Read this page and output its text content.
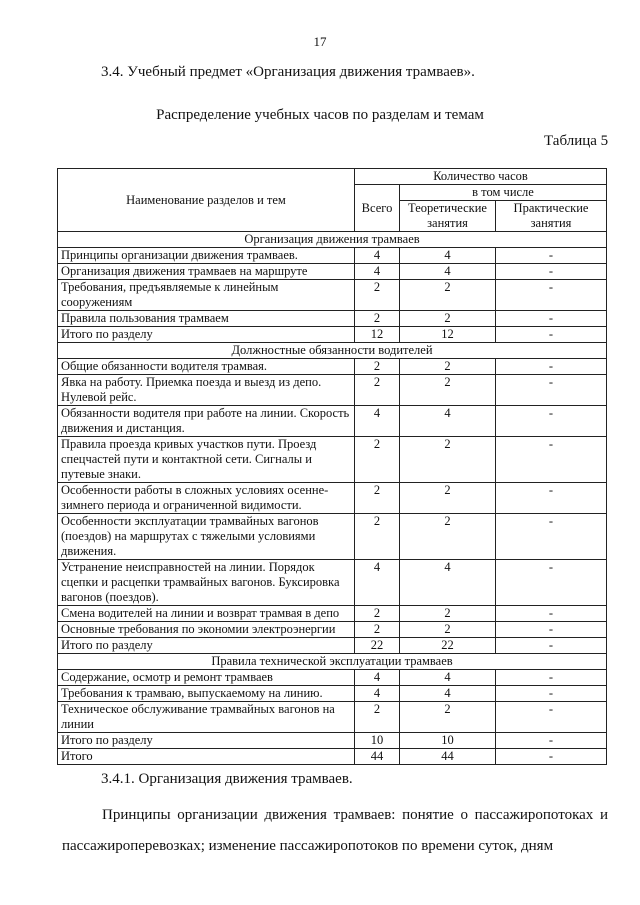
17
3.4. Учебный предмет «Организация движения трамваев».
Распределение учебных часов по разделам и темам
Таблица 5
Наименование разделов и тем	Количество часов		
	Всего	в том числе	
		Теоретические занятия	Практические занятия
Организация движения трамваев			
Принципы организации движения трамваев.	4	4	-
Организация движения трамваев на маршруте	4	4	-
Требования, предъявляемые к линейным сооружениям	2	2	-
Правила пользования трамваем	2	2	-
Итого по разделу	12	12	-
Должностные обязанности водителей			
Общие обязанности водителя трамвая.	2	2	-
Явка на работу. Приемка поезда и выезд из депо. Нулевой рейс.	2	2	-
Обязанности водителя при работе на линии. Скорость движения и дистанция.	4	4	-
Правила проезда кривых участков пути. Проезд спецчастей пути и контактной сети. Сигналы и путевые знаки.	2	2	-
Особенности работы в сложных условиях осенне-зимнего периода и ограниченной видимости.	2	2	-
Особенности эксплуатации трамвайных вагонов (поездов) на маршрутах с тяжелыми условиями движения.	2	2	-
Устранение неисправностей на линии. Порядок сцепки и расцепки трамвайных вагонов. Буксировка вагонов (поездов).	4	4	-
Смена водителей на линии и возврат трамвая в депо	2	2	-
Основные требования по экономии электроэнергии	2	2	-
Итого по разделу	22	22	-
Правила технической эксплуатации трамваев			
Содержание, осмотр и ремонт трамваев	4	4	-
Требования к трамваю, выпускаемому на линию.	4	4	-
Техническое обслуживание трамвайных вагонов на линии	2	2	-
Итого по разделу	10	10	-
Итого	44	44	-
3.4.1. Организация движения трамваев.
Принципы организации движения трамваев: понятие о пассажиропотоках и пассажироперевозках; изменение пассажиропотоков по времени суток, дням
